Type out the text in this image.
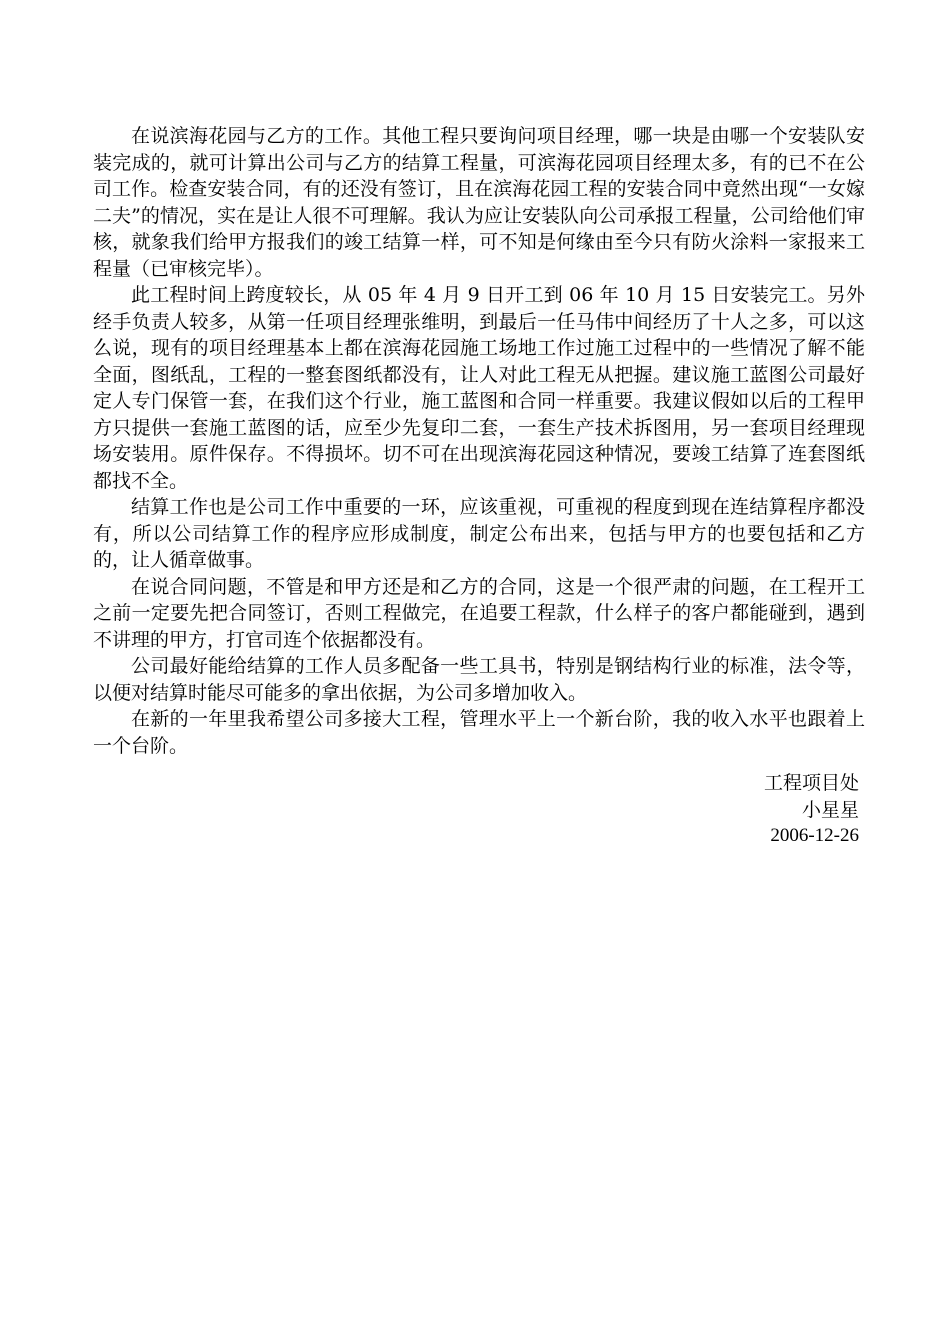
在说滨海花园与乙方的工作。其他工程只要询问项目经理，哪一块是由哪一个安装队安装完成的，就可计算出公司与乙方的结算工程量，可滨海花园项目经理太多，有的已不在公司工作。检查安装合同，有的还没有签订，且在滨海花园工程的安装合同中竟然出现“一女嫁二夫”的情况，实在是让人很不可理解。我认为应让安装队向公司承报工程量，公司给他们审核，就象我们给甲方报我们的竣工结算一样，可不知是何缘由至今只有防火涂料一家报来工程量（已审核完毕）。

此工程时间上跨度较长，从 05 年 4 月 9 日开工到 06 年 10 月 15 日安装完工。另外经手负责人较多，从第一任项目经理张维明，到最后一任马伟中间经历了十人之多，可以这么说，现有的项目经理基本上都在滨海花园施工场地工作过施工过程中的一些情况了解不能全面，图纸乱，工程的一整套图纸都没有，让人对此工程无从把握。建议施工蓝图公司最好定人专门保管一套，在我们这个行业，施工蓝图和合同一样重要。我建议假如以后的工程甲方只提供一套施工蓝图的话，应至少先复印二套，一套生产技术拆图用，另一套项目经理现场安装用。原件保存。不得损坏。切不可在出现滨海花园这种情况，要竣工结算了连套图纸都找不全。

结算工作也是公司工作中重要的一环，应该重视，可重视的程度到现在连结算程序都没有，所以公司结算工作的程序应形成制度，制定公布出来，包括与甲方的也要包括和乙方的，让人循章做事。

在说合同问题，不管是和甲方还是和乙方的合同，这是一个很严肃的问题，在工程开工之前一定要先把合同签订，否则工程做完，在追要工程款，什么样子的客户都能碰到，遇到不讲理的甲方，打官司连个依据都没有。

公司最好能给结算的工作人员多配备一些工具书，特别是钢结构行业的标准，法令等，以便对结算时能尽可能多的拿出依据，为公司多增加收入。

在新的一年里我希望公司多接大工程，管理水平上一个新台阶，我的收入水平也跟着上一个台阶。

工程项目处
小星星
2006-12-26
